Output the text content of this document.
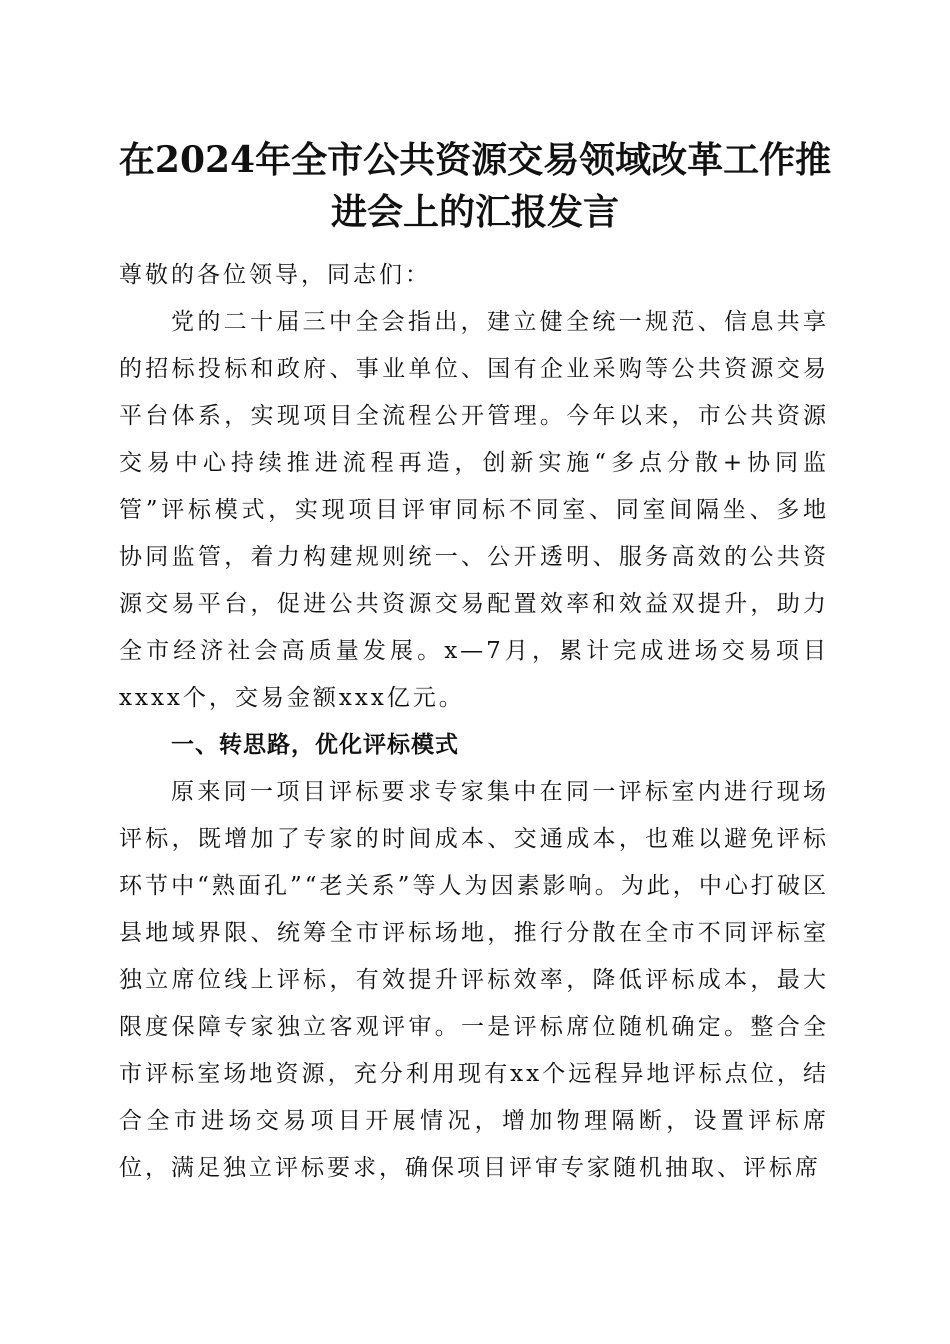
在2024年全市公共资源交易领域改革工作推进会上的汇报发言

尊敬的各位领导，同志们：

党的二十届三中全会指出，建立健全统一规范、信息共享的招标投标和政府、事业单位、国有企业采购等公共资源交易平台体系，实现项目全流程公开管理。今年以来，市公共资源交易中心持续推进流程再造，创新实施“多点分散+协同监管”评标模式，实现项目评审同标不同室、同室间隔坐、多地协同监管，着力构建规则统一、公开透明、服务高效的公共资源交易平台，促进公共资源交易配置效率和效益双提升，助力全市经济社会高质量发展。x—7月，累计完成进场交易项目xxxx个，交易金额xxx亿元。

一、转思路，优化评标模式

原来同一项目评标要求专家集中在同一评标室内进行现场评标，既增加了专家的时间成本、交通成本，也难以避免评标环节中“熟面孔”“老关系”等人为因素影响。为此，中心打破区县地域界限、统筹全市评标场地，推行分散在全市不同评标室独立席位线上评标，有效提升评标效率，降低评标成本，最大限度保障专家独立客观评审。一是评标席位随机确定。整合全市评标室场地资源，充分利用现有xx个远程异地评标点位，结合全市进场交易项目开展情况，增加物理隔断，设置评标席位，满足独立评标要求，确保项目评审专家随机抽取、评标席
